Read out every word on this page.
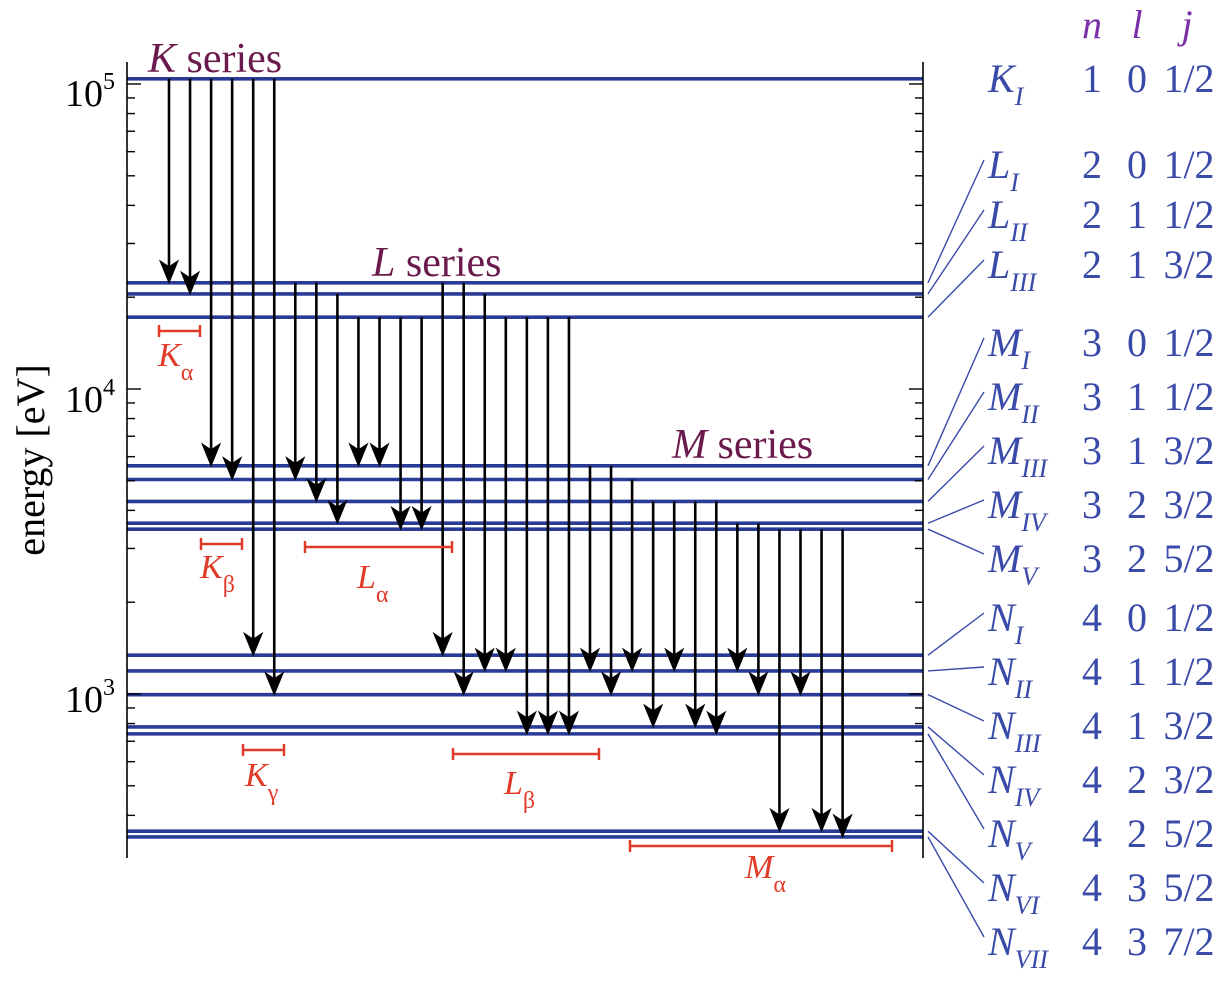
$10^5$
$10^4$
$10^3$
energy [eV]
K series
L series
M series
n l j
$K_\alpha$
$K_\beta$
$K_\gamma$
$L_\alpha$
$L_\beta$
$M_\alpha$
$K_I$ 1 0 1/2
$L_I$ 2 0 1/2
$L_{II}$ 2 1 1/2
$L_{III}$ 2 1 3/2
$M_I$ 3 0 1/2
$M_{II}$ 3 1 1/2
$M_{III}$ 3 1 3/2
$M_{IV}$ 3 2 3/2
$M_V$ 3 2 5/2
$N_I$ 4 0 1/2
$N_{II}$ 4 1 1/2
$N_{III}$ 4 1 3/2
$N_{IV}$ 4 2 3/2
$N_V$ 4 2 5/2
$N_{VI}$ 4 3 5/2
$N_{VII}$ 4 3 7/2
